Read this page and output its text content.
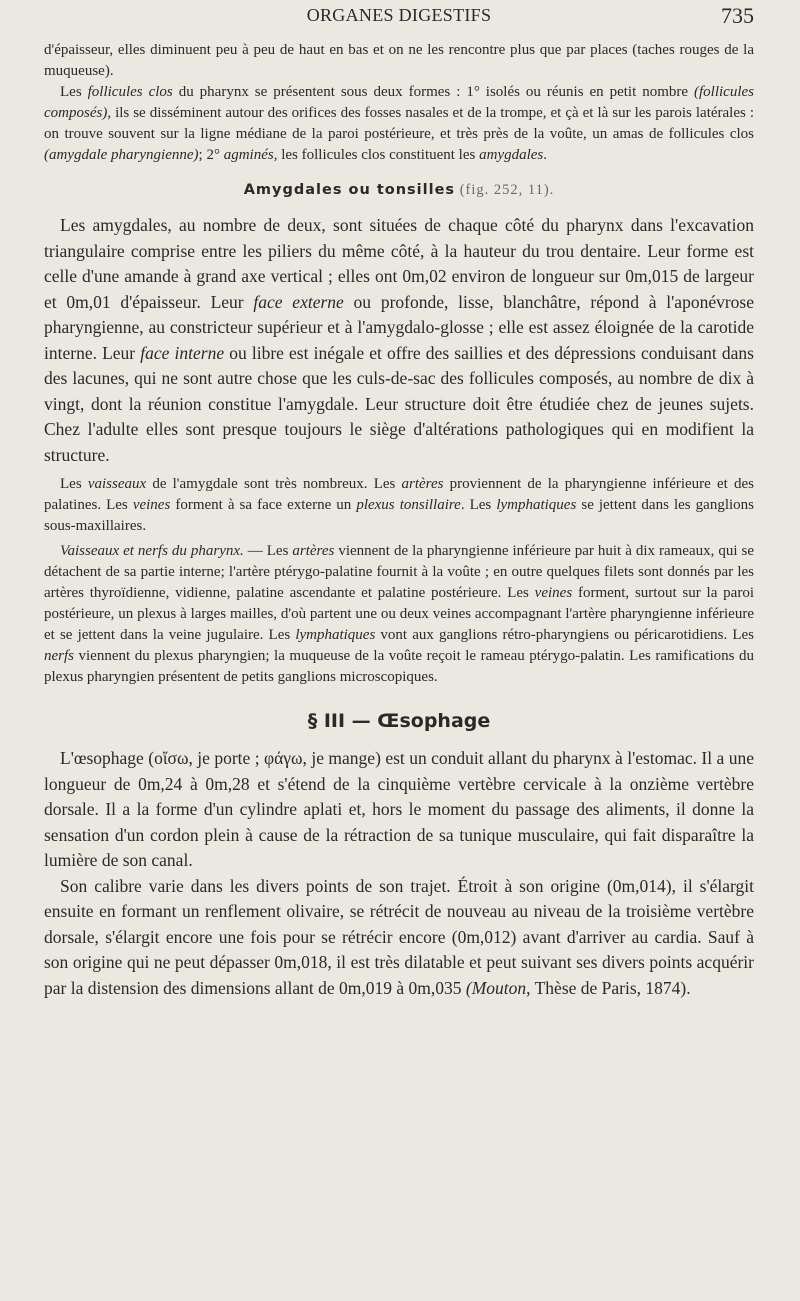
ORGANES DIGESTIFS	735

d'épaisseur, elles diminuent peu à peu de haut en bas et on ne les rencontre plus que par places (taches rouges de la muqueuse).

Les follicules clos du pharynx se présentent sous deux formes : 1° isolés ou réunis en petit nombre (follicules composés), ils se disséminent autour des orifices des fosses nasales et de la trompe, et çà et là sur les parois latérales : on trouve souvent sur la ligne médiane de la paroi postérieure, et très près de la voûte, un amas de follicules clos (amygdale pharyngienne); 2° agminés, les follicules clos constituent les amygdales.

Amygdales ou tonsilles (fig. 252, 11).

Les amygdales, au nombre de deux, sont situées de chaque côté du pharynx dans l'excavation triangulaire comprise entre les piliers du même côté, à la hauteur du trou dentaire. Leur forme est celle d'une amande à grand axe vertical ; elles ont 0m,02 environ de longueur sur 0m,015 de largeur et 0m,01 d'épaisseur. Leur face externe ou profonde, lisse, blanchâtre, répond à l'aponévrose pharyngienne, au constricteur supérieur et à l'amygdalo-glosse ; elle est assez éloignée de la carotide interne. Leur face interne ou libre est inégale et offre des saillies et des dépressions conduisant dans des lacunes, qui ne sont autre chose que les culs-de-sac des follicules composés, au nombre de dix à vingt, dont la réunion constitue l'amygdale. Leur structure doit être étudiée chez de jeunes sujets. Chez l'adulte elles sont presque toujours le siège d'altérations pathologiques qui en modifient la structure.

Les vaisseaux de l'amygdale sont très nombreux. Les artères proviennent de la pharyngienne inférieure et des palatines. Les veines forment à sa face externe un plexus tonsillaire. Les lymphatiques se jettent dans les ganglions sous-maxillaires.

Vaisseaux et nerfs du pharynx. — Les artères viennent de la pharyngienne inférieure par huit à dix rameaux, qui se détachent de sa partie interne; l'artère ptérygo-palatine fournit à la voûte ; en outre quelques filets sont donnés par les artères thyroïdienne, vidienne, palatine ascendante et palatine postérieure. Les veines forment, surtout sur la paroi postérieure, un plexus à larges mailles, d'où partent une ou deux veines accompagnant l'artère pharyngienne inférieure et se jettent dans la veine jugulaire. Les lymphatiques vont aux ganglions rétro-pharyngiens ou péricarotidiens. Les nerfs viennent du plexus pharyngien; la muqueuse de la voûte reçoit le rameau ptérygo-palatin. Les ramifications du plexus pharyngien présentent de petits ganglions microscopiques.

§ III — Œsophage

L'œsophage (οἴσω, je porte ; φάγω, je mange) est un conduit allant du pharynx à l'estomac. Il a une longueur de 0m,24 à 0m,28 et s'étend de la cinquième vertèbre cervicale à la onzième vertèbre dorsale. Il a la forme d'un cylindre aplati et, hors le moment du passage des aliments, il donne la sensation d'un cordon plein à cause de la rétraction de sa tunique musculaire, qui fait disparaître la lumière de son canal.

Son calibre varie dans les divers points de son trajet. Étroit à son origine (0m,014), il s'élargit ensuite en formant un renflement olivaire, se rétrécit de nouveau au niveau de la troisième vertèbre dorsale, s'élargit encore une fois pour se rétrécir encore (0m,012) avant d'arriver au cardia. Sauf à son origine qui ne peut dépasser 0m,018, il est très dilatable et peut suivant ses divers points acquérir par la distension des dimensions allant de 0m,019 à 0m,035 (Mouton, Thèse de Paris, 1874).
